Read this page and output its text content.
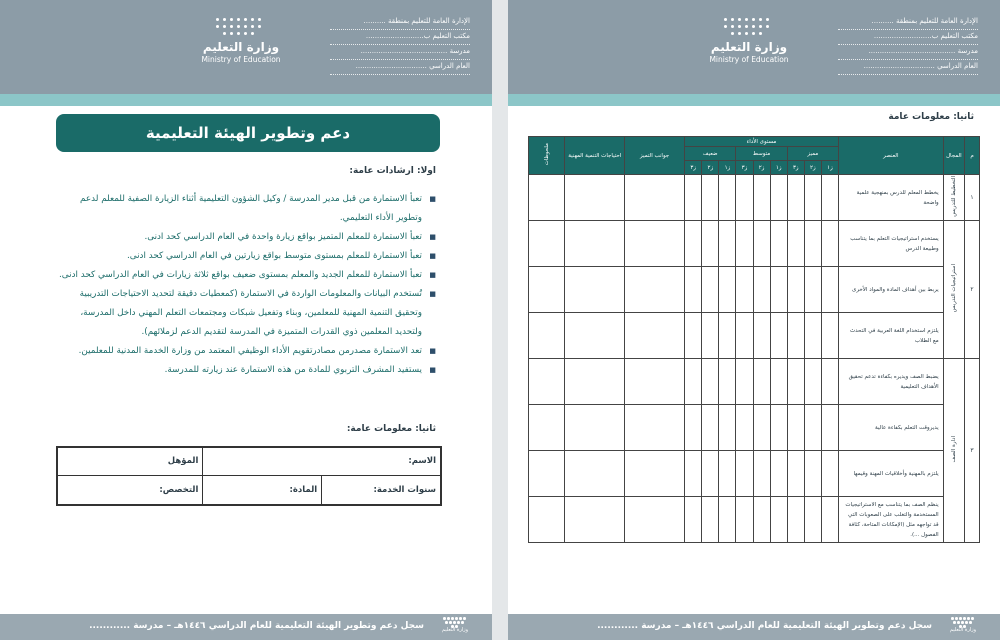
وزارة التعليم
Ministry of Education
الإدارة العامة للتعليم بمنطقة ..........
مكتب التعليم ب..........................
مدرسة .......................................
العام الدراسي ................................
دعم وتطوير الهيئة التعليمية
اولا: ارشادات عامة:
■
تعبأ الاستمارة من قبل مدير المدرسة / وكيل الشؤون التعليمية أثناء الزيارة الصفية للمعلم لدعم
وتطوير الأداء التعليمي.
■
تعبأ الاستمارة للمعلم المتميز بواقع زيارة واحدة في العام الدراسي كحد ادنى.
■
تعبأ الاستمارة للمعلم بمستوى متوسط بواقع زيارتين في العام الدراسي كحد ادنى.
■
تعبأ الاستمارة للمعلم الجديد والمعلم بمستوى ضعيف بواقع ثلاثة زيارات في العام الدراسي كحد ادنى.
■
تُستخدم البيانات والمعلومات الواردة في الاستمارة (كمعطيات دقيقة لتحديد الاحتياجات التدريبية
وتحقيق التنمية المهنية للمعلمين، وبناء وتفعيل شبكات ومجتمعات التعلم المهني داخل المدرسة،
ولتحديد المعلمين ذوي القدرات المتميزة في المدرسة لتقديم الدعم لزملائهم).
■
تعد الاستمارة مصدرمن مصادرتقويم الأداء الوظيفي المعتمد من وزارة الخدمة المدنية للمعلمين.
■
يستفيد المشرف التربوي للمادة من هذه الاستمارة عند زيارته للمدرسة.
ثانيا: معلومات عامة:
الاسم:	المؤهل

سنوات الخدمة:	المادة:
	التخصص:
وزارة التعليم
سجل دعم وتطوير الهيئة التعليمية للعام الدراسي ١٤٤٦هـ – مدرسة ............
وزارة التعليم
Ministry of Education
الإدارة العامة للتعليم بمنطقة ..........
مكتب التعليم ب..........................
مدرسة .......................................
العام الدراسي ................................
ثانيا: معلومات عامة
م	المجال	العنصر	مستوى الأداء									جوانب التميز	احتياجات التنمية المهنية	ملحوظات
			مميز			متوسط			ضعيف					
			ز١	ز٢	ز٣	ز١	ز٢	ز٣	ز١	ز٢	ز٣			
١	التخطيط للتدريس	يخطط المعلم للدرس بمنهجية علمية واضحة												
٢	استراتيجيات التدريس	يستخدم استراتيجيات التعلم بما يتناسب وطبيعة الدرس												
		يربط بين أهداف المادة والمواد الأخرى												
		يلتزم استخدام اللغة العربية في التحدث مع الطلاب												
٣	ادارة الصف	يضبط الصف ويديره بكفاءة تدعم تحقيق الأهداف التعليمية												
		يديروقت التعلم بكفاءة عالية												
		يلتزم بالمهنية وأخلاقيات المهنة وقيمها												
		ينظم الصف بما يتناسب مع الاستراتيجيات المستخدمة والتغلب على الصعوبات التي قد تواجهه مثل (الإمكانات المتاحة، كثافة الفصول ...).												
وزارة التعليم
سجل دعم وتطوير الهيئة التعليمية للعام الدراسي ١٤٤٦هـ – مدرسة ............
